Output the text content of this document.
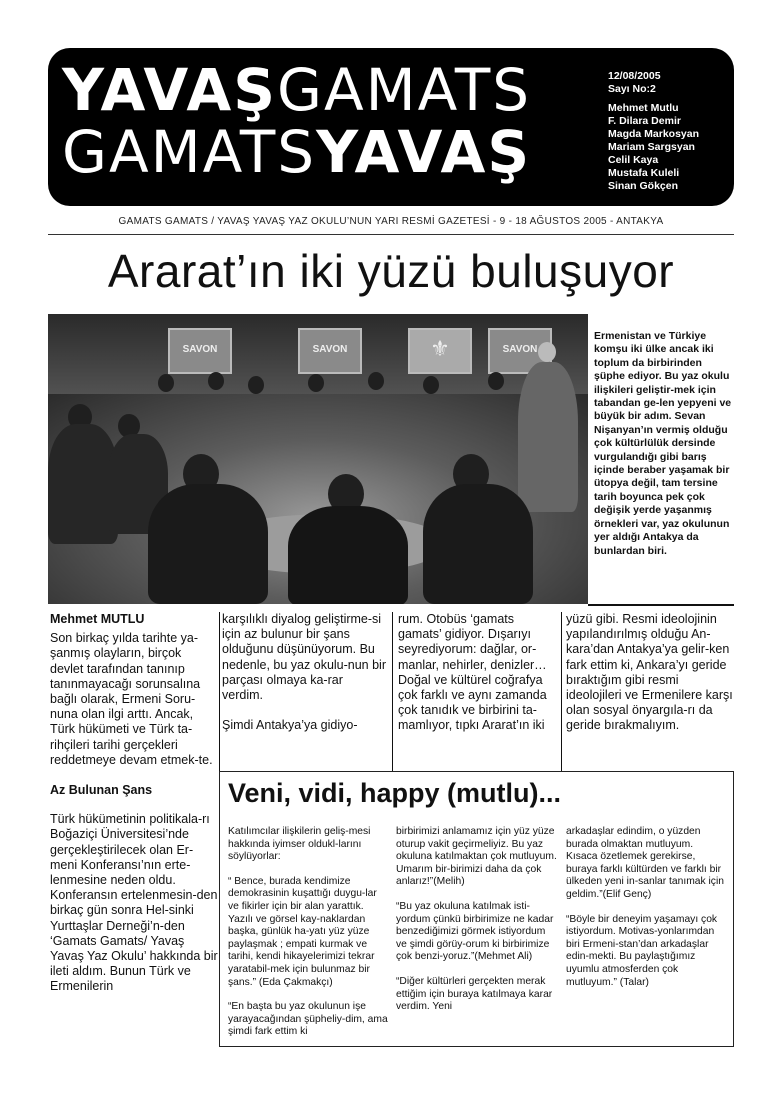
YAVAŞGAMATS
GAMATSYAVAŞ
12/08/2005
Sayı No:2
Mehmet Mutlu
F. Dilara Demir
Magda Markosyan
Mariam Sargsyan
Celil Kaya
Mustafa Kuleli
Sinan Gökçen
GAMATS GAMATS / YAVAŞ YAVAŞ YAZ OKULU’NUN YARI RESMİ GAZETESİ - 9 - 18 AĞUSTOS 2005 - ANTAKYA
Ararat’ın iki yüzü buluşuyor
SAVON	SAVON	⚜	SAVON
Ermenistan ve Türkiye komşu iki ülke ancak iki toplum da birbirinden şüphe ediyor. Bu yaz okulu ilişkileri geliştir-mek için tabandan ge-len yepyeni ve büyük bir adım. Sevan Nişanyan’ın vermiş olduğu çok kültürlülük dersinde vurgulandığı gibi barış içinde beraber yaşamak bir ütopya değil, tam tersine tarih boyunca pek çok değişik yerde yaşanmış örnekleri var, yaz okulunun yer aldığı Antakya da bunlardan biri.

Mehmet MUTLU

Son birkaç yılda tarihte ya-şanmış olayların, birçok devlet tarafından tanınıp tanınmayacağı sorunsalına bağlı olarak, Ermeni Soru-nuna olan ilgi arttı. Ancak, Türk hükümeti ve Türk ta-rihçileri tarihi gerçekleri reddetmeye devam etmek-te.

Az Bulunan Şans

Türk hükümetinin politikala-rı Boğaziçi Üniversitesi’nde gerçekleştirilecek olan Er-meni Konferansı’nın erte-lenmesine neden oldu. Konferansın ertelenmesin-den birkaç gün sonra Hel-sinki Yurttaşlar Derneği’n-den ‘Gamats Gamats/ Yavaş Yavaş Yaz Okulu’ hakkında bir ileti aldım. Bunun Türk ve Ermenilerin

karşılıklı diyalog geliştirme-si için az bulunur bir şans olduğunu düşünüyorum. Bu nedenle, bu yaz okulu-nun bir parçası olmaya ka-rar verdim.

Şimdi Antakya’ya gidiyo-

rum. Otobüs ‘gamats gamats’ gidiyor. Dışarıyı seyrediyorum: dağlar, or-manlar, nehirler, denizler… Doğal ve kültürel coğrafya çok farklı ve aynı zamanda çok tanıdık ve birbirini ta-mamlıyor, tıpkı Ararat’ın iki

yüzü gibi. Resmi ideolojinin yapılandırılmış olduğu An-kara’dan Antakya’ya gelir-ken fark ettim ki, Ankara’yı geride bıraktığım gibi resmi ideolojileri ve Ermenilere karşı olan sosyal önyargıla-rı da geride bırakmalıyım.

Veni, vidi, happy (mutlu)...

Katılımcılar ilişkilerin geliş-mesi hakkında iyimser oldukl-larını söylüyorlar:

“ Bence, burada kendimize demokrasinin kuşattığı duygu-lar ve fikirler için bir alan yarattık. Yazılı ve görsel kay-naklardan başka, günlük ha-yatı yüz yüze paylaşmak ; empati kurmak ve tarihi, kendi hikayelerimizi tekrar yaratabil-mek için bulunmaz bir şans.” (Eda Çakmakçı)

“En başta bu yaz okulunun işe yarayacağından şüpheliy-dim, ama şimdi fark ettim ki

birbirimizi anlamamız için yüz yüze oturup vakit geçirmeliyiz. Bu yaz okuluna katılmaktan çok mutluyum. Umarım bir-birimizi daha da çok anlarız!”(Melih)

“Bu yaz okuluna katılmak isti-yordum çünkü birbirimize ne kadar benzediğimizi görmek istiyordum ve şimdi görüy-orum ki birbirimize çok benzi-yoruz.”(Mehmet Ali)

“Diğer kültürleri gerçekten merak ettiğim için buraya katılmaya karar verdim. Yeni

arkadaşlar edindim, o yüzden burada olmaktan mutluyum. Kısaca özetlemek gerekirse, buraya farklı kültürden ve farklı bir ülkeden yeni in-sanlar tanımak için geldim.”(Elif Genç)

“Böyle bir deneyim yaşamayı çok istiyordum. Motivas-yonlarımdan biri Ermeni-stan’dan arkadaşlar edin-mekti. Bu paylaştığımız uyumlu atmosferden çok mutluyum.” (Talar)
